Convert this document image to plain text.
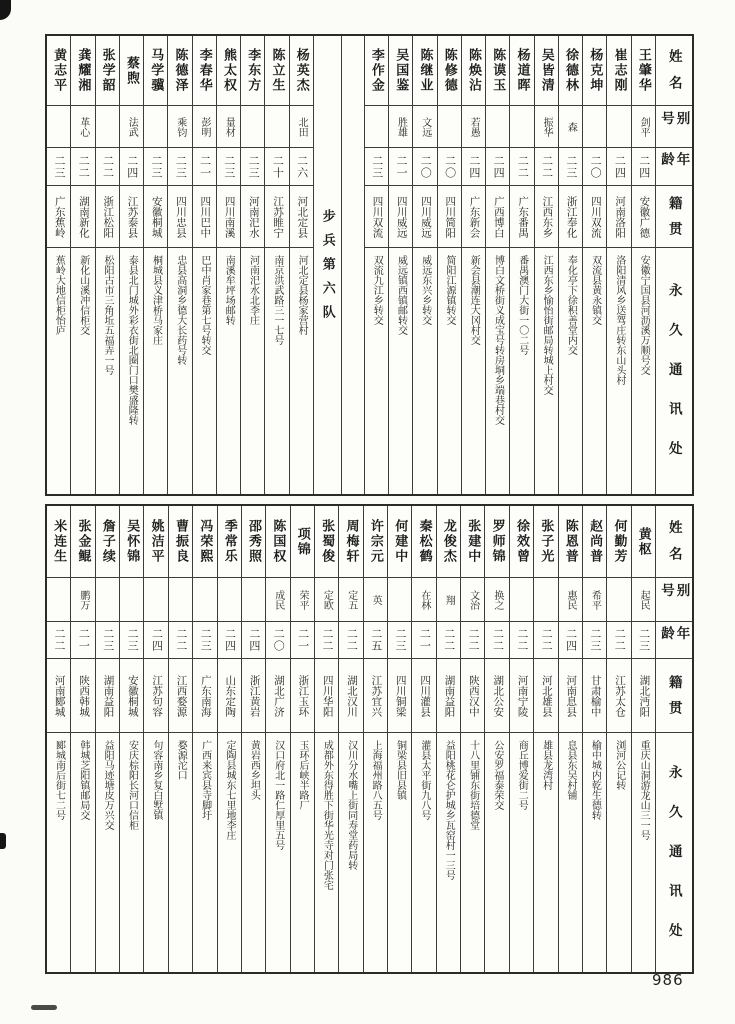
姓名
别号
年龄
籍贯
永久通讯处
王肇华
剑平
二四
安徽广德
安徽宁国县河沥溪万顺号交
崔志刚
二四
河南洛阳
洛阳清风乡送驾庄转东山头村
杨克坤
二〇
四川双流
双流县黄永镇交
徐德林
森
二三
浙江奉化
奉化亭下徐积善堂内交
吴皆清
振华
二二
江西东乡
江西东乡愉怡街邮局转城上村交
杨道晖
二二
广东番禺
番禺澳门大街一〇二号
陈谟玉
二四
广西博白
博白文桥街义成宝号转房垌乡端巷村交
陈焕沾
若愚
二四
广东新会
新会县潮连大冈村交
陈修德
二〇
四川简阳
简阳江源镇转交
陈继业
文远
二〇
四川威远
威远东兴乡转交
吴国鉴
胜雄
二一
四川威远
威远镇西镇邮转交
李作金
二三
四川双流
双流九江乡转交
步兵第六队
杨英杰
北田
二六
河北定县
河北定县杨家营村
陈立生
二十
江苏睢宁
南京洪武路三一七号
李东方
二三
河南汜水
河南汜水北李庄
熊太权
量材
二三
四川南溪
南溪牟坪场邮转
李春华
彭明
二一
四川巴中
巴中肖家巷第七号转交
陈德泽
乘钧
二三
四川忠县
忠县高洞乡德大长药号转
马学骥
二三
安徽桐城
桐城县义津桥马家庄
蔡煦
法武
二四
江苏泰县
泰县北门城外彩衣街北圈门口樊盛隆转
张学韶
二二
浙江松阳
松阳古市三角坵五福弄一号
龚耀湘
革心
二二
湖南新化
新化山溪冲信柜交
黄志平
二三
广东蕉岭
蕉岭大地信柜怡庐
姓名
别号
年龄
籍贯
永久通讯处
黄枢
起民
二三
湖北沔阳
重庆山洞游龙山三一号
何勤芳
二二
江苏太仓
浏河公记转
赵尚普
希平
二三
甘肃榆中
榆中城内乾生德转
陈恩普
惠民
二四
河南息县
息县东吴村铺
张子光
二二
河北雄县
雄县龙湾村
徐效曾
二二
河南宁陵
商丘博爱街二号
罗师锦
换之
二二
湖北公安
公安罗福泰荣交
张建中
文治
二二
陕西汉中
十八里铺东街培德堂
龙俊杰
翔
二二
湖南益阳
益阳桃花仑护城乡瓦窑村一三号
秦松鹤
在林
二一
四川灌县
灌县太平街九八号
何建中
二三
四川铜梁
铜梁县旧县镇
许宗元
英
二五
江苏宜兴
上海福州路八五号
周梅轩
定五
二二
湖北汉川
汉川分水嘴上街同寿堂药局转
张蜀俊
定欧
二二
四川华阳
成都外东得胜下街华光寺对门张宅
项锦
荣平
二一
浙江玉环
玉环后峡半路厂
陈国权
成民
二〇
湖北广济
汉口府北一路仁厚里五号
邵秀照
二四
浙江黄岩
黄岩西乡坦头
季常乐
二四
山东定陶
定陶县城东七里地李庄
冯荣熙
二三
广东南海
广西来宾县寺脚圩
曹振良
二二
江西婺源
婺源沱口
姚洁平
二四
江苏句容
句容南乡复白墅镇
吴怀锦
二三
安徽桐城
安庆棕阳长河口信柜
詹子续
二三
湖南益阳
益阳马迹塘皮万兴交
张金鲲
鹏万
二一
陕西韩城
韩城芝阳镇邮局交
米连生
二二
河南郾城
郾城南后街七二号
986
